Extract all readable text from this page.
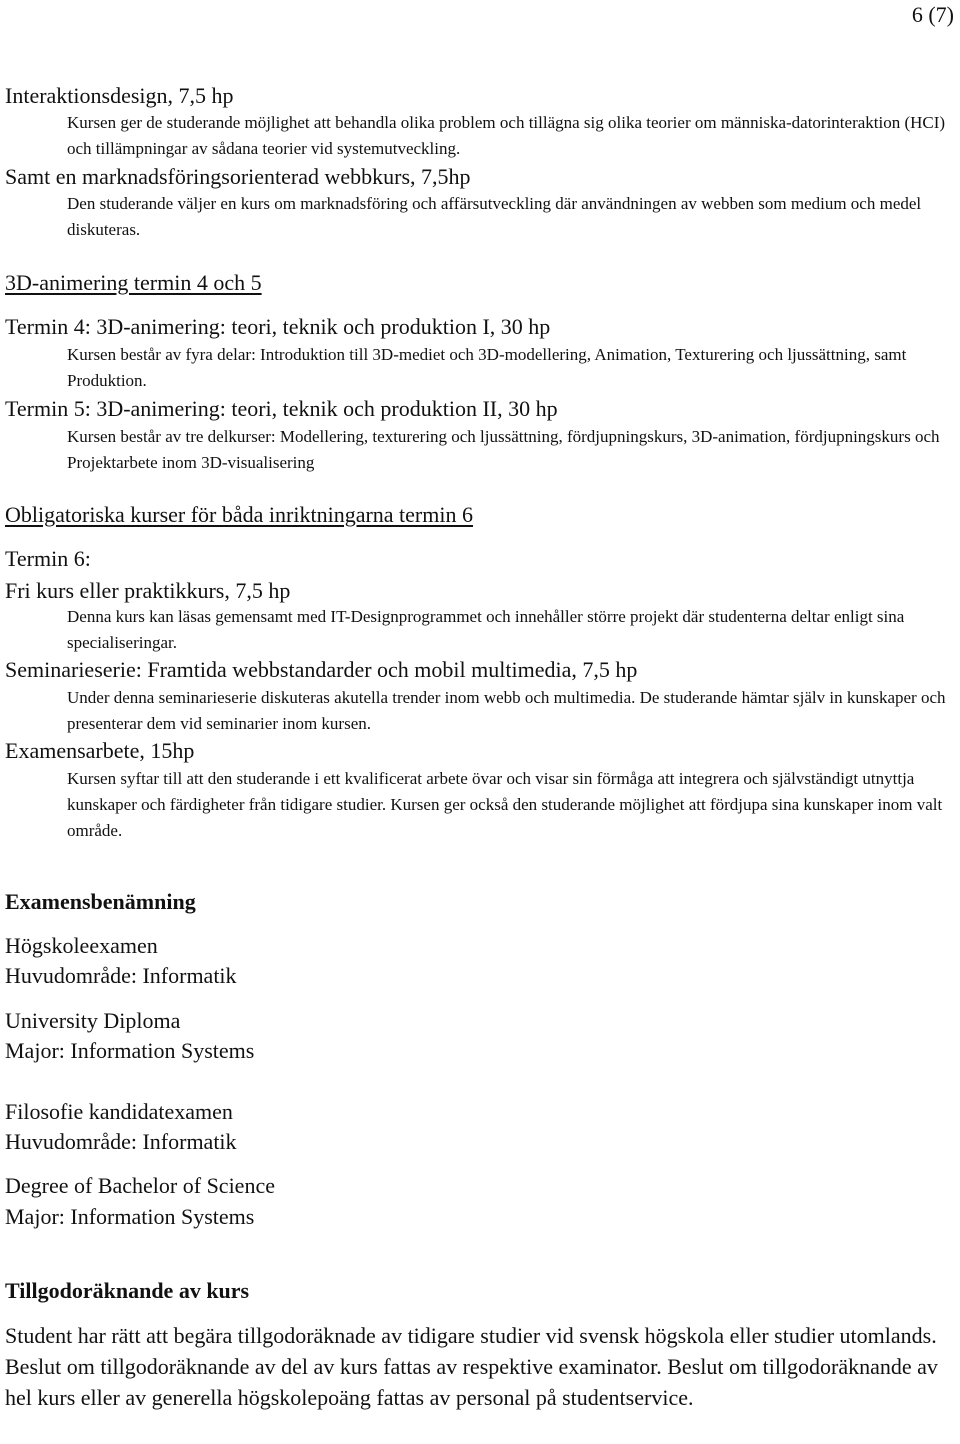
6 (7)
Interaktionsdesign, 7,5 hp
Kursen ger de studerande möjlighet att behandla olika problem och tillägna sig olika teorier om människa-datorinteraktion (HCI) och tillämpningar av sådana teorier vid systemutveckling.
Samt en marknadsföringsorienterad webbkurs, 7,5hp
Den studerande väljer en kurs om marknadsföring och affärsutveckling där användningen av webben som medium och medel diskuteras.
3D-animering termin 4 och 5
Termin 4: 3D-animering: teori, teknik och produktion I, 30 hp
Kursen består av fyra delar: Introduktion till 3D-mediet och 3D-modellering, Animation, Texturering och ljussättning, samt Produktion.
Termin 5: 3D-animering: teori, teknik och produktion II, 30 hp
Kursen består av tre delkurser: Modellering, texturering och ljussättning, fördjupningskurs, 3D-animation, fördjupningskurs och Projektarbete inom 3D-visualisering
Obligatoriska kurser för båda inriktningarna termin 6
Termin 6:
Fri kurs eller praktikkurs, 7,5 hp
Denna kurs kan läsas gemensamt med IT-Designprogrammet och innehåller större projekt där studenterna deltar enligt sina specialiseringar.
Seminarieserie: Framtida webbstandarder och mobil multimedia, 7,5 hp
Under denna seminarieserie diskuteras akutella trender inom webb och multimedia. De studerande hämtar själv in kunskaper och presenterar dem vid seminarier inom kursen.
Examensarbete, 15hp
Kursen syftar till att den studerande i ett kvalificerat arbete övar och visar sin förmåga att integrera och självständigt utnyttja kunskaper och färdigheter från tidigare studier. Kursen ger också den studerande möjlighet att fördjupa sina kunskaper inom valt område.
Examensbenämning
Högskoleexamen
Huvudområde: Informatik
University Diploma
Major: Information Systems
Filosofie kandidatexamen
Huvudområde: Informatik
Degree of Bachelor of Science
Major: Information Systems
Tillgodoräknande av kurs
Student har rätt att begära tillgodoräknade av tidigare studier vid svensk högskola eller studier utomlands. Beslut om tillgodoräknande av del av kurs fattas av respektive examinator. Beslut om tillgodoräknande av hel kurs eller av generella högskolepoäng fattas av personal på studentservice.
